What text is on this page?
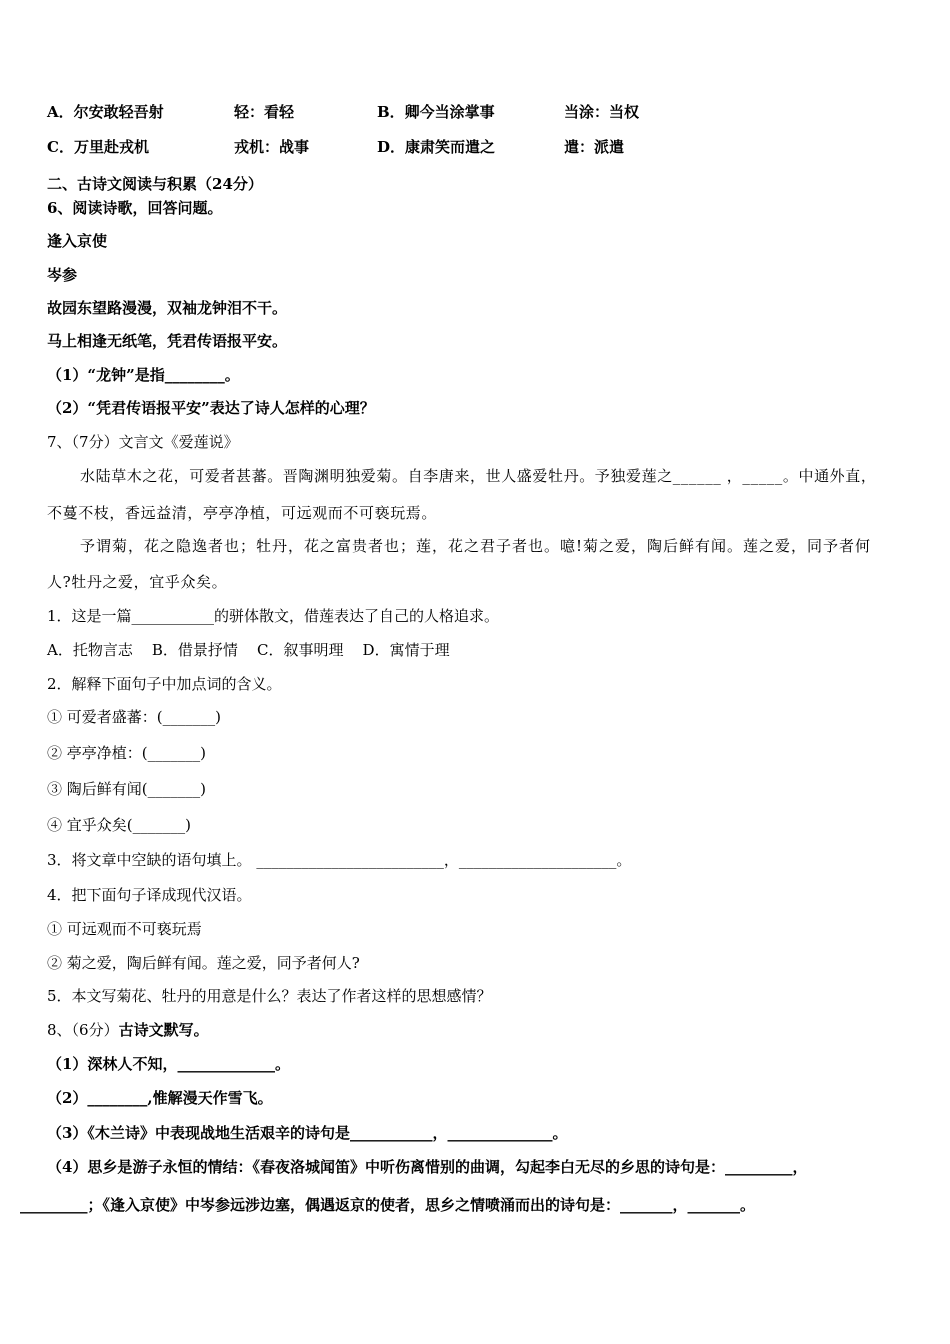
A．尔安敢轻吾射	轻：看轻	B．卿今当涂掌事	当涂：当权
C．万里赴戎机	戎机：战事	D．康肃笑而遣之	遣：派遣
二、古诗文阅读与积累（24分）
6、阅读诗歌，回答问题。
逢入京使
岑参
故园东望路漫漫，双袖龙钟泪不干。
马上相逢无纸笔，凭君传语报平安。
（1）“龙钟”是指________。
（2）“凭君传语报平安”表达了诗人怎样的心理？
7、（7分）文言文《爱莲说》
水陆草木之花，可爱者甚蕃。晋陶渊明独爱菊。自李唐来，世人盛爱牡丹。予独爱莲之______ ，_____。中通外直，
不蔓不枝，香远益清，亭亭净植，可远观而不可亵玩焉。
予谓菊，花之隐逸者也；牡丹，花之富贵者也；莲，花之君子者也。噫!菊之爱，陶后鲜有闻。莲之爱，同予者何
人?牡丹之爱，宜乎众矣。
1．这是一篇___________的骈体散文，借莲表达了自己的人格追求。
A．托物言志    B．借景抒情    C．叙事明理    D．寓情于理
2．解释下面句子中加点词的含义。
① 可爱者盛蕃：(_______)
② 亭亭净植：(_______)
③ 陶后鲜有闻(_______)
④ 宜乎众矣(_______)
3．将文章中空缺的语句填上。 _________________________，_____________________。
4．把下面句子译成现代汉语。
① 可远观而不可亵玩焉
② 菊之爱，陶后鲜有闻。莲之爱，同予者何人?
5．本文写菊花、牡丹的用意是什么？表达了作者这样的思想感情？
8、（6分）古诗文默写。
（1）深林人不知，_____________。
（2）________,惟解漫天作雪飞。
（3）《木兰诗》中表现战地生活艰辛的诗句是___________，______________。
（4）思乡是游子永恒的情结：《春夜洛城闻笛》中听伤离惜别的曲调，勾起李白无尽的乡思的诗句是：_________，
_________；《逢入京使》中岑参远涉边塞，偶遇返京的使者，思乡之情喷涌而出的诗句是：_______，_______。
